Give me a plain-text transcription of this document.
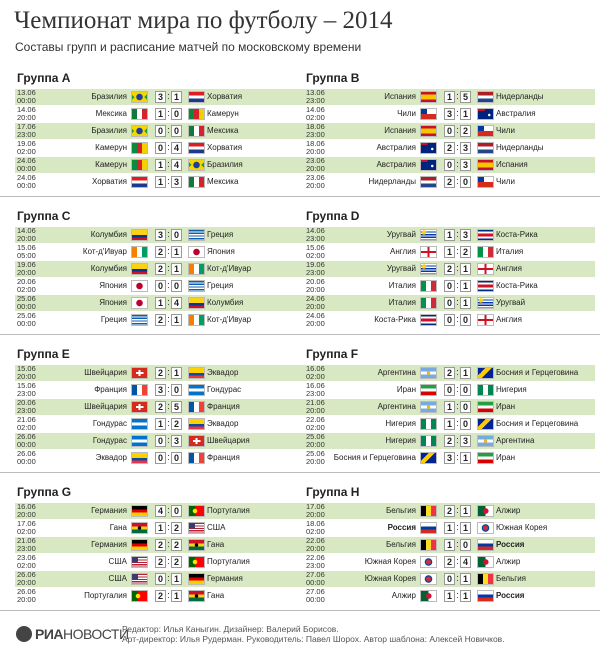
Чемпионат мира по футболу – 2014
Составы групп и расписание матчей по московскому времени
Группа A
13.06
00:00	Бразилия	3 : 1	Хорватия
14.06
20:00	Мексика	1 : 0	Камерун
17.06
23:00	Бразилия	0 : 0	Мексика
19.06
02:00	Камерун	0 : 4	Хорватия
24.06
00:00	Камерун	1 : 4	Бразилия
24.06
00:00	Хорватия	1 : 3	Мексика
Группа B
13.06
23:00	Испания	1 : 5	Нидерланды
14.06
02:00	Чили	3 : 1	Австралия
18.06
23:00	Испания	0 : 2	Чили
18.06
20:00	Австралия	2 : 3	Нидерланды
23.06
20:00	Австралия	0 : 3	Испания
23.06
20:00	Нидерланды	2 : 0	Чили
Группа C
14.06
20:00	Колумбия	3 : 0	Греция
15.06
05:00	Кот-д'Ивуар	2 : 1	Япония
19.06
20:00	Колумбия	2 : 1	Кот-д'Ивуар
20.06
02:00	Япония	0 : 0	Греция
25.06
00:00	Япония	1 : 4	Колумбия
25.06
00:00	Греция	2 : 1	Кот-д'Ивуар
Группа D
14.06
23:00	Уругвай	1 : 3	Коста-Рика
15.06
02:00	Англия	1 : 2	Италия
19.06
23:00	Уругвай	2 : 1	Англия
20.06
20:00	Италия	0 : 1	Коста-Рика
24.06
20:00	Италия	0 : 1	Уругвай
24.06
20:00	Коста-Рика	0 : 0	Англия
Группа E
15.06
20:00	Швейцария	2 : 1	Эквадор
15.06
23:00	Франция	3 : 0	Гондурас
20.06
23:00	Швейцария	2 : 5	Франция
21.06
02:00	Гондурас	1 : 2	Эквадор
26.06
00:00	Гондурас	0 : 3	Швейцария
26.06
00:00	Эквадор	0 : 0	Франция
Группа F
16.06
02:00	Аргентина	2 : 1	Босния и Герцеговина
16.06
23:00	Иран	0 : 0	Нигерия
21.06
20:00	Аргентина	1 : 0	Иран
22.06
02:00	Нигерия	1 : 0	Босния и Герцеговина
25.06
20:00	Нигерия	2 : 3	Аргентина
25.06
20:00	Босния и Герцеговина	3 : 1	Иран
Группа G
16.06
20:00	Германия	4 : 0	Португалия
17.06
02:00	Гана	1 : 2	США
21.06
23:00	Германия	2 : 2	Гана
23.06
02:00	США	2 : 2	Португалия
26.06
20:00	США	0 : 1	Германия
26.06
20:00	Португалия	2 : 1	Гана
Группа H
17.06
20:00	Бельгия	2 : 1	Алжир
18.06
02:00	Россия	1 : 1	Южная Корея
22.06
20:00	Бельгия	1 : 0	Россия
22.06
23:00	Южная Корея	2 : 4	Алжир
27.06
00:00	Южная Корея	0 : 1	Бельгия
27.06
00:00	Алжир	1 : 1	Россия
РИА НОВОСТИ
Редактор: Илья Каныгин. Дизайнер: Валерий Борисов.
Арт-директор: Илья Рудерман. Руководитель: Павел Шорох. Автор шаблона: Алексей Новичков.
